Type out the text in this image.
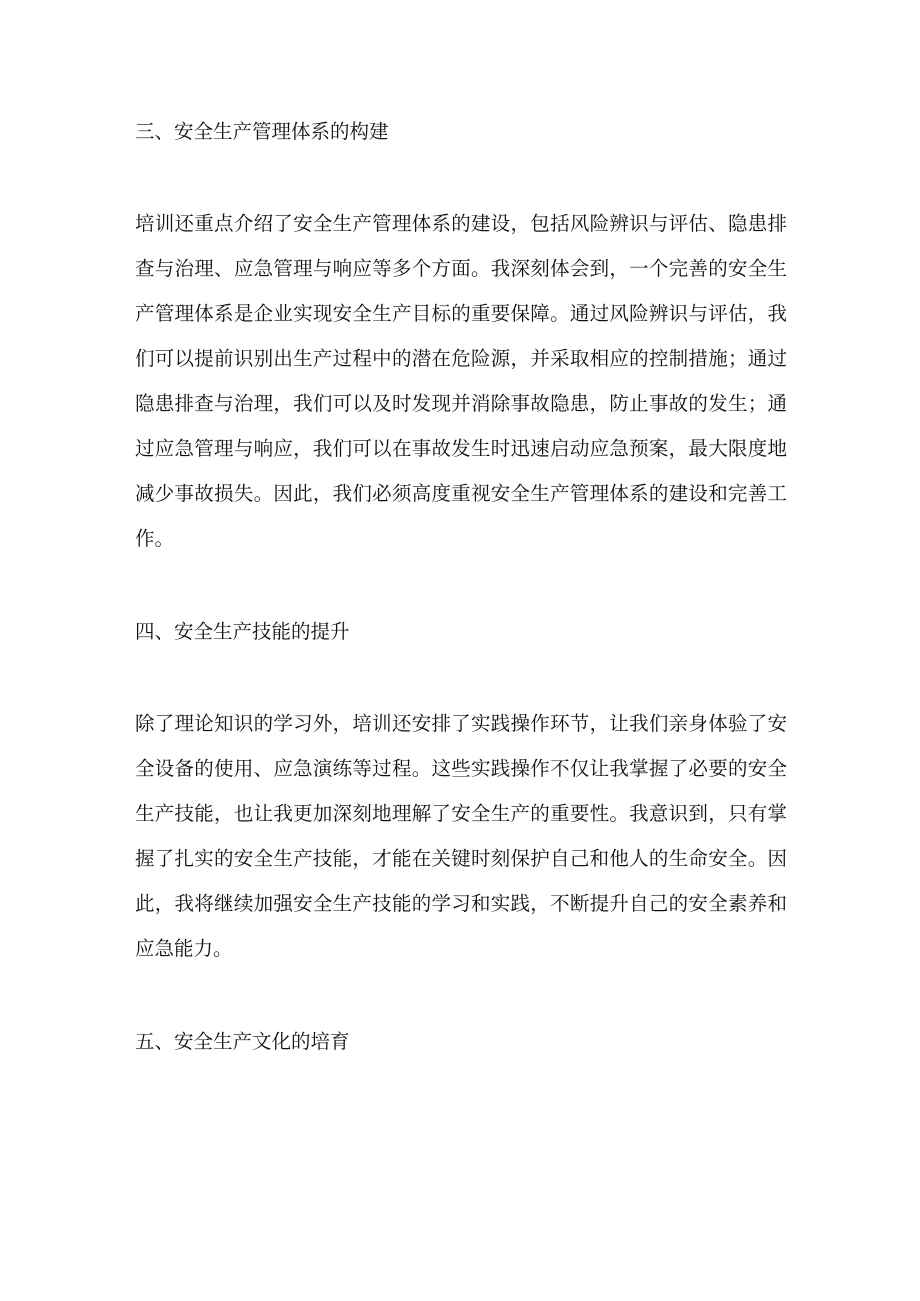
三、安全生产管理体系的构建
培训还重点介绍了安全生产管理体系的建设，包括风险辨识与评估、隐患排
查与治理、应急管理与响应等多个方面。我深刻体会到，一个完善的安全生
产管理体系是企业实现安全生产目标的重要保障。通过风险辨识与评估，我
们可以提前识别出生产过程中的潜在危险源，并采取相应的控制措施；通过
隐患排查与治理，我们可以及时发现并消除事故隐患，防止事故的发生；通
过应急管理与响应，我们可以在事故发生时迅速启动应急预案，最大限度地
减少事故损失。因此，我们必须高度重视安全生产管理体系的建设和完善工
作。
四、安全生产技能的提升
除了理论知识的学习外，培训还安排了实践操作环节，让我们亲身体验了安
全设备的使用、应急演练等过程。这些实践操作不仅让我掌握了必要的安全
生产技能，也让我更加深刻地理解了安全生产的重要性。我意识到，只有掌
握了扎实的安全生产技能，才能在关键时刻保护自己和他人的生命安全。因
此，我将继续加强安全生产技能的学习和实践，不断提升自己的安全素养和
应急能力。
五、安全生产文化的培育
